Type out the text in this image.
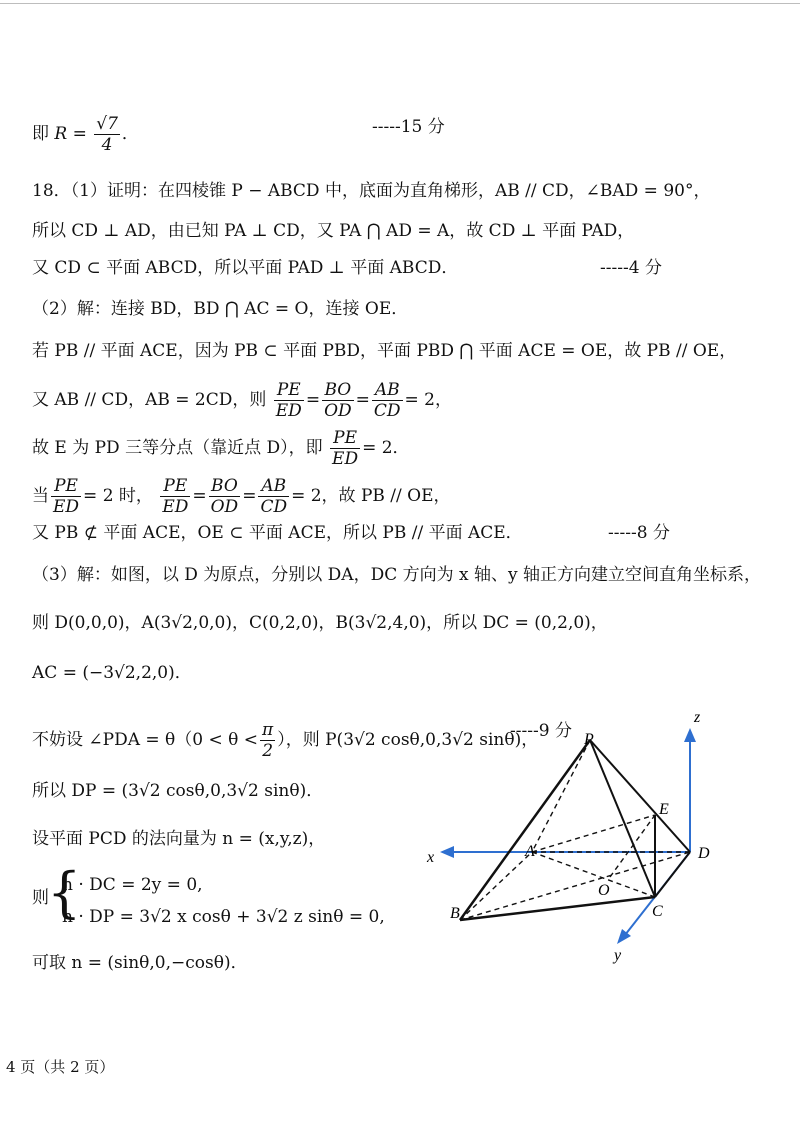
即 $R = \frac{√7}{4}$ ．	-----15 分
18．（1）证明：在四棱锥 P − ABCD 中，底面为直角梯形，AB // CD，∠BAD = 90°，
所以 CD ⊥ AD，由已知 PA ⊥ CD，又 PA ⋂ AD = A，故 CD ⊥ 平面 PAD，
又 CD ⊂ 平面 ABCD，所以平面 PAD ⊥ 平面 ABCD．	-----4 分
（2）解：连接 BD，BD ⋂ AC = O，连接 OE．
若 PB // 平面 ACE，因为 PB ⊂ 平面 PBD，平面 PBD ⋂ 平面 ACE = OE，故 PB // OE，
又 AB // CD，AB = 2CD，则 $\frac{PE}{ED} = \frac{BO}{OD} = \frac{AB}{CD} = 2$，
故 E 为 PD 三等分点（靠近点 D），即 $\frac{PE}{ED} = 2$．
当 $\frac{PE}{ED} = 2$ 时， $\frac{PE}{ED} = \frac{BO}{OD} = \frac{AB}{CD} = 2$，故 PB // OE，
又 PB ⊄ 平面 ACE，OE ⊂ 平面 ACE，所以 PB // 平面 ACE．	-----8 分
（3）解：如图，以 D 为原点，分别以 DA，DC 方向为 x 轴、y 轴正方向建立空间直角坐标系，
则 D(0,0,0)，A(3√2,0,0)，C(0,2,0)，B(3√2,4,0)，所以 DC = (0,2,0)，
AC = (−3√2,2,0)．
不妨设 ∠PDA = $\theta(0 < \theta < \frac{\pi}{2}$ ），则 P(3√2 cosθ,0,3√2 sinθ)，
-----9 分
所以 DP = (3√2 cosθ,0,3√2 sinθ)．
设平面 PCD 的法向量为 n = (x,y,z)，
则
{
n · DC = 2y = 0,
n · DP = 3√2 x cosθ + 3√2 z sinθ = 0,
可取 n = (sinθ,0,−cosθ)．
P
E
A	D
O
B	C
x
y
z
4 页（共 2 页）
